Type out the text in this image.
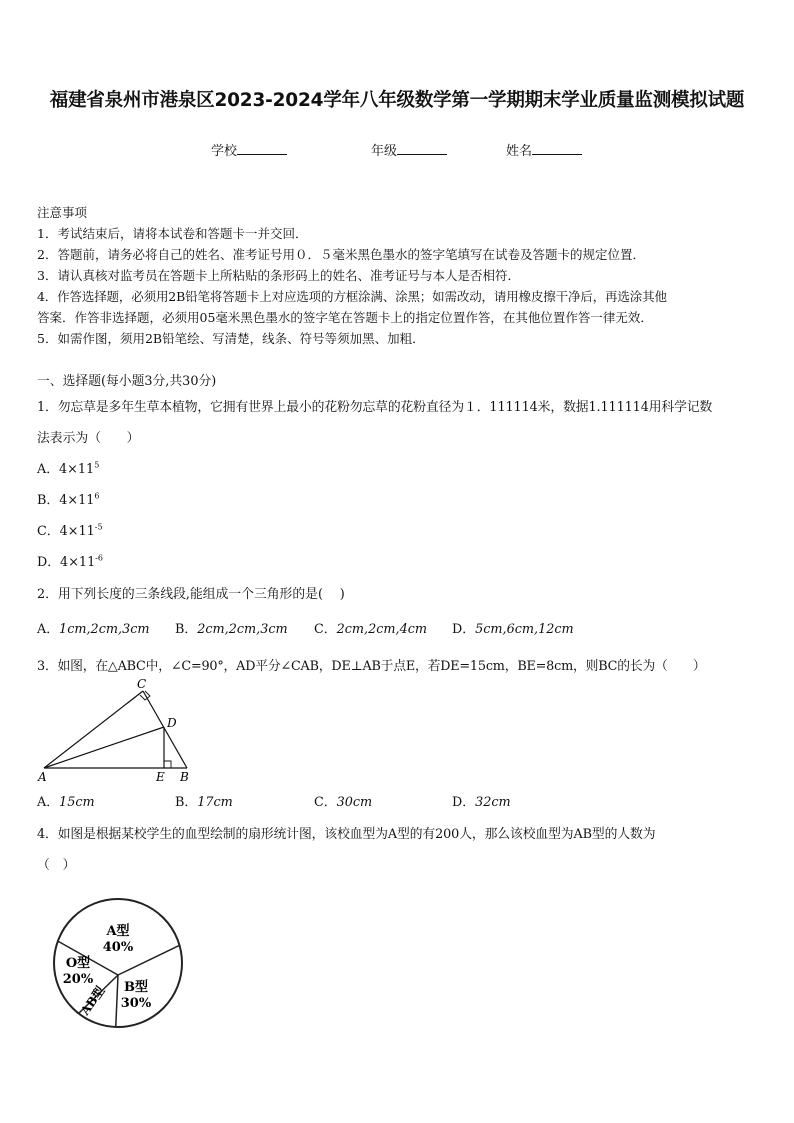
福建省泉州市港泉区2023-2024学年八年级数学第一学期期末学业质量监测模拟试题
学校	年级	姓名
注意事项
1．考试结束后，请将本试卷和答题卡一并交回．
2．答题前，请务必将自己的姓名、准考证号用０．５毫米黑色墨水的签字笔填写在试卷及答题卡的规定位置．
3．请认真核对监考员在答题卡上所粘贴的条形码上的姓名、准考证号与本人是否相符．
4．作答选择题，必须用2B铅笔将答题卡上对应选项的方框涂满、涂黑；如需改动，请用橡皮擦干净后，再选涂其他
答案．作答非选择题，必须用05毫米黑色墨水的签字笔在答题卡上的指定位置作答，在其他位置作答一律无效．
5．如需作图，须用2B铅笔绘、写清楚，线条、符号等须加黑、加粗．
一、选择题(每小题3分,共30分)
1．勿忘草是多年生草本植物，它拥有世界上最小的花粉勿忘草的花粉直径为１．111114米，数据1.111114用科学记数
法表示为（　　）
A．$4\times 11^5$
B．$4\times 11^6$
C．$4\times 11^{-5}$
D．$4\times 11^{-6}$
2．用下列长度的三条线段,能组成一个三角形的是(　 )
A．1cm,2cm,3cm B．2cm,2cm,3cm C．2cm,2cm,4cm D．5cm,6cm,12cm
3．如图，在△ABC中，∠C=90°，AD平分∠CAB，DE⊥AB于点E，若DE=15cm，BE=8cm，则BC的长为（　　）
C
D
A	E B
A．15cm	B．17cm	C．30cm	D．32cm
4．如图是根据某校学生的血型绘制的扇形统计图，该校血型为A型的有200人，那么该校血型为AB型的人数为
（　）
40%
A型
30%
B型
AB型
20%
O型
